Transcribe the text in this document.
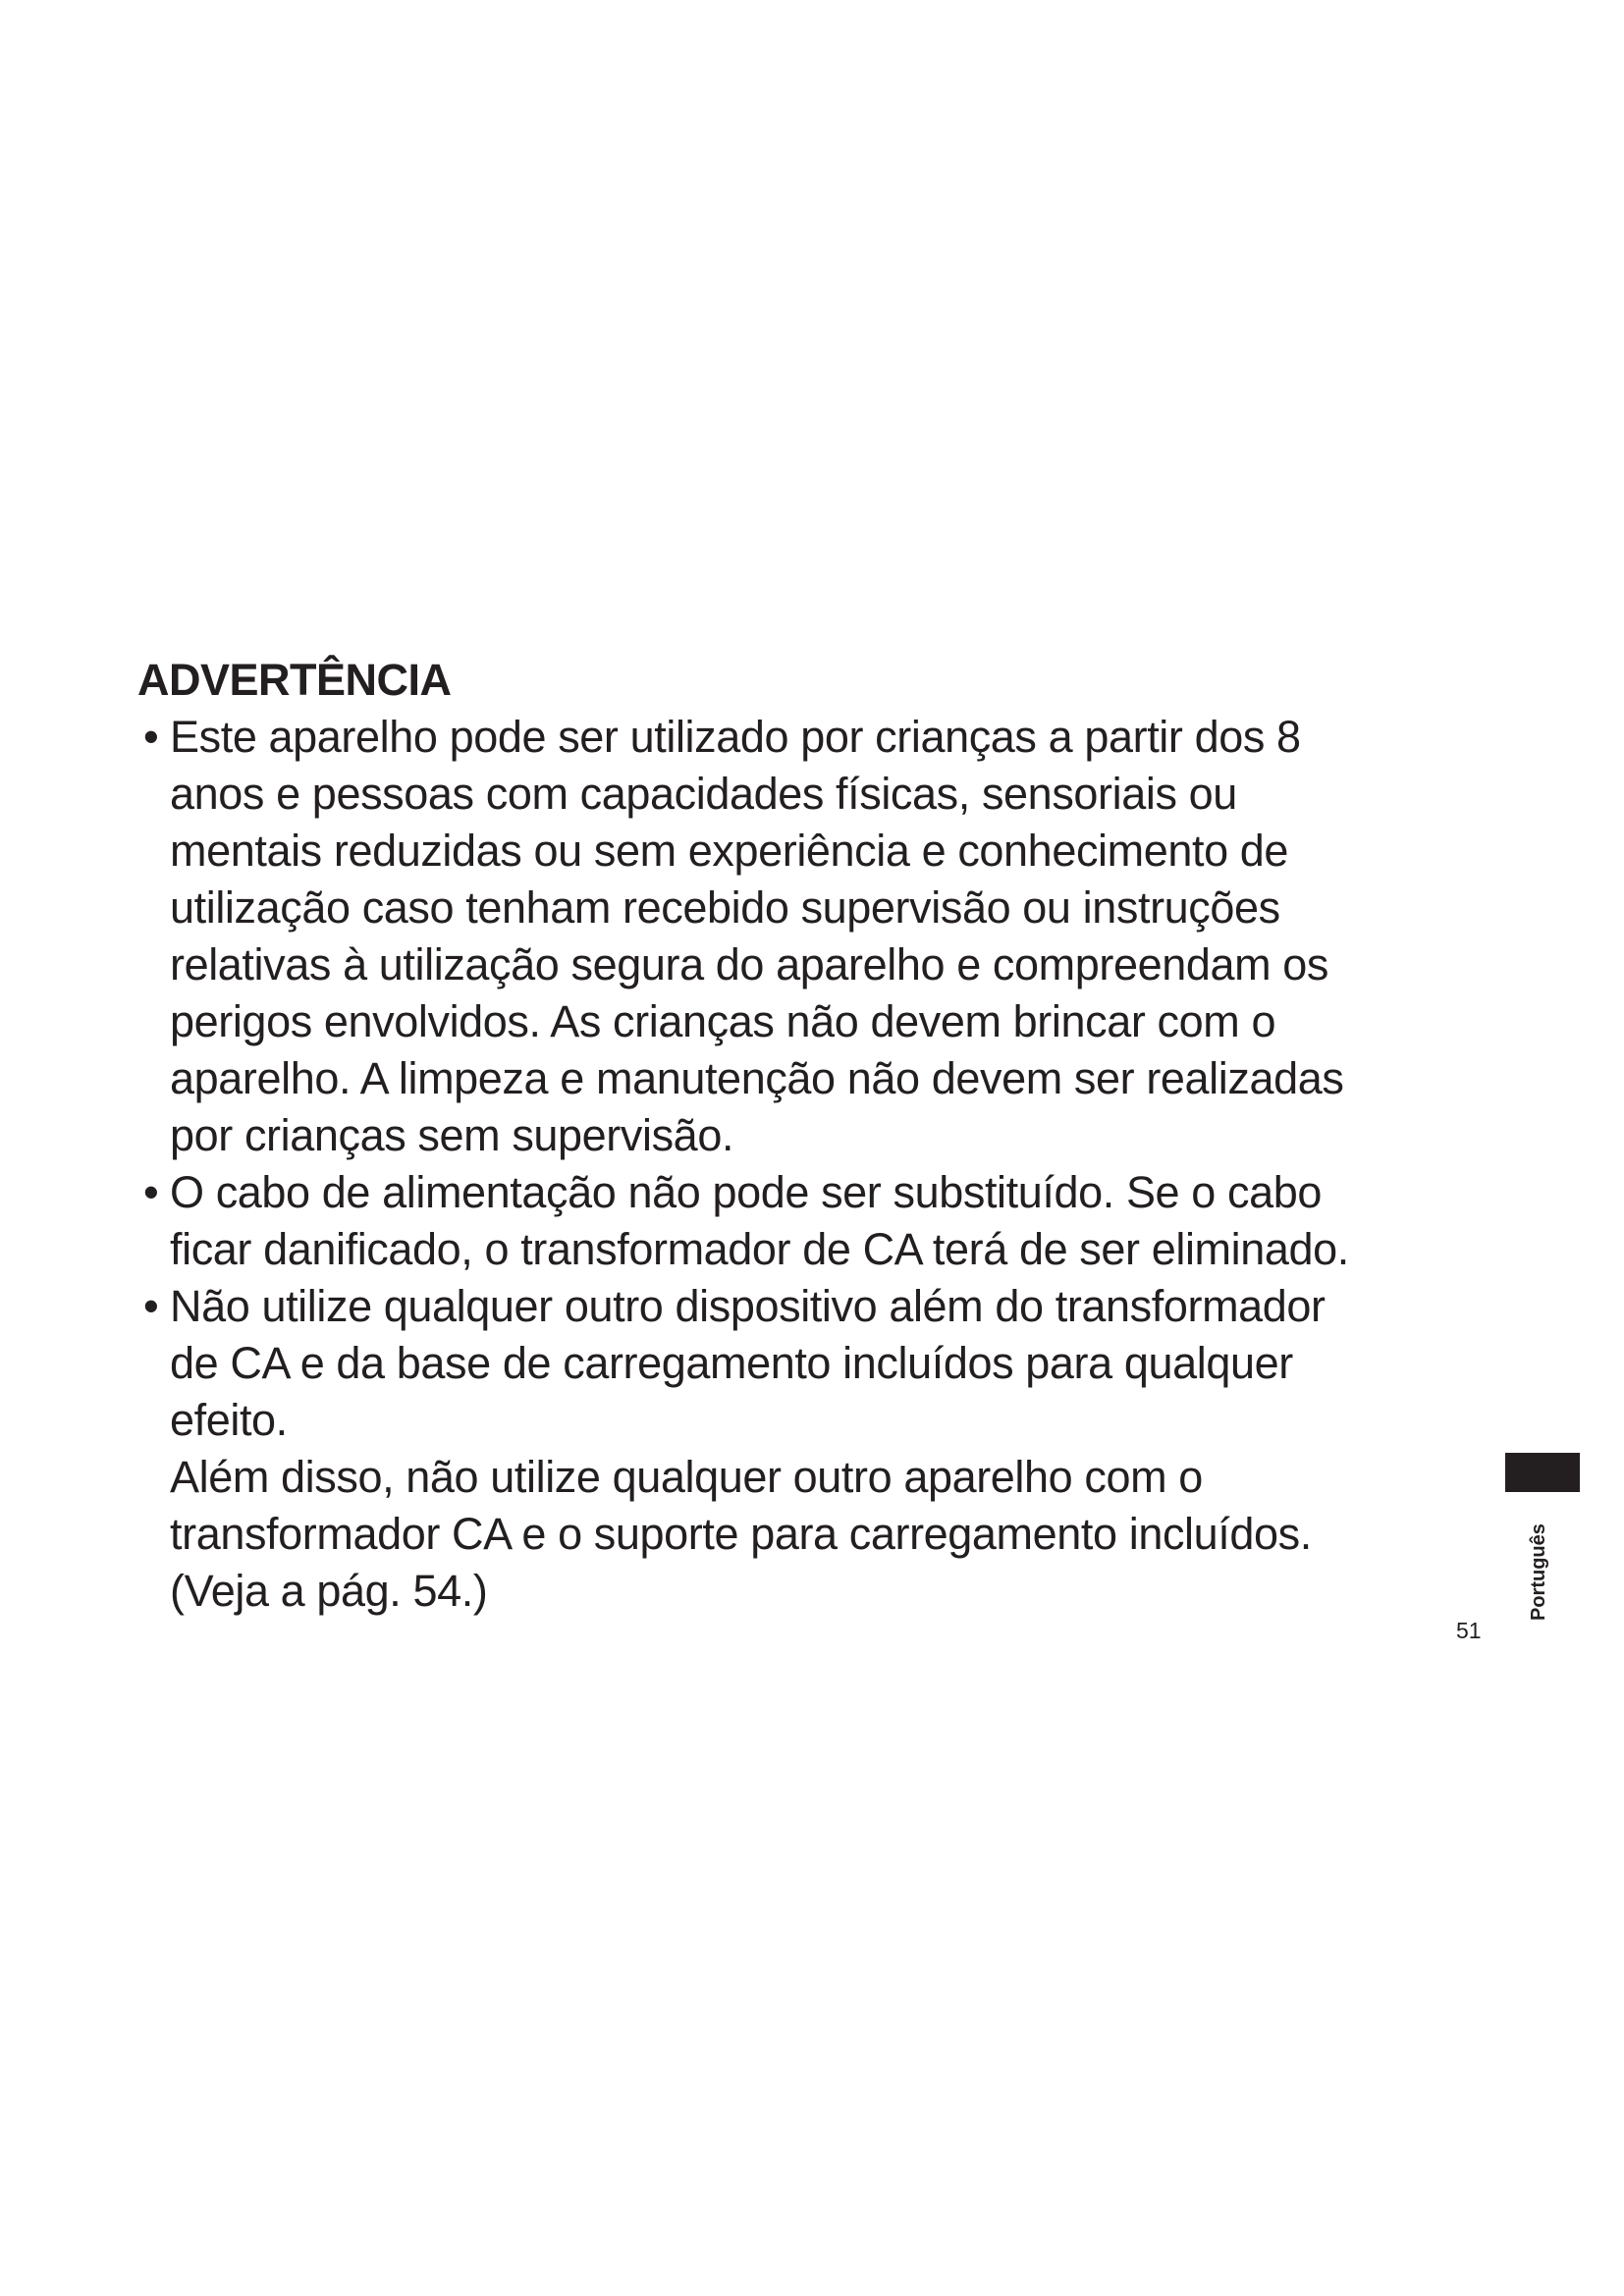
ADVERTÊNCIA
• Este aparelho pode ser utilizado por crianças a partir dos 8
anos e pessoas com capacidades físicas, sensoriais ou
mentais reduzidas ou sem experiência e conhecimento de
utilização caso tenham recebido supervisão ou instruções
relativas à utilização segura do aparelho e compreendam os
perigos envolvidos. As crianças não devem brincar com o
aparelho. A limpeza e manutenção não devem ser realizadas
por crianças sem supervisão.
• O cabo de alimentação não pode ser substituído. Se o cabo
ficar danificado, o transformador de CA terá de ser eliminado.
• Não utilize qualquer outro dispositivo além do transformador
de CA e da base de carregamento incluídos para qualquer
efeito.
Além disso, não utilize qualquer outro aparelho com o
transformador CA e o suporte para carregamento incluídos.
(Veja a pág. 54.)	Português
51
